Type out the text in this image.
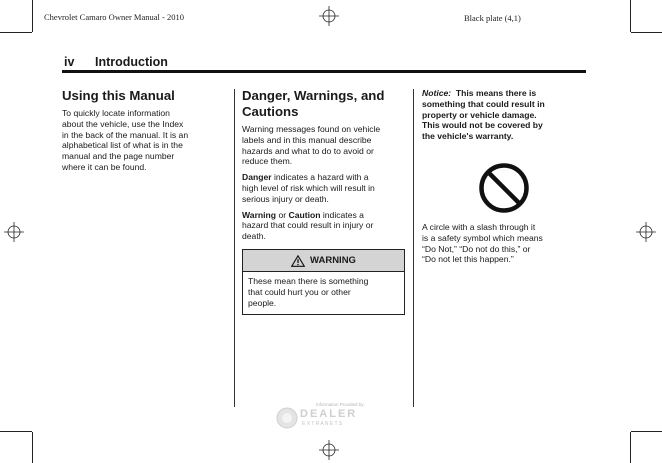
Chevrolet Camaro Owner Manual - 2010	Black plate (4,1)
iv Introduction
Using this Manual

To quickly locate information

about the vehicle, use the Index

in the back of the manual. It is an

alphabetical list of what is in the

manual and the page number

where it can be found.

Danger, Warnings, and
Cautions

Warning messages found on vehicle

labels and in this manual describe

hazards and what to do to avoid or

reduce them.

Danger indicates a hazard with a

high level of risk which will result in

serious injury or death.

Warning or Caution indicates a

hazard that could result in injury or

death.

WARNING

These mean there is something

that could hurt you or other

people.

Notice:  This means there is

something that could result in

property or vehicle damage.

This would not be covered by

the vehicle's warranty.

A circle with a slash through it

is a safety symbol which means

“Do Not,” “Do not do this,” or

“Do not let this happen.”

Information Provided by:
DEALER
E X T R A N E T S
